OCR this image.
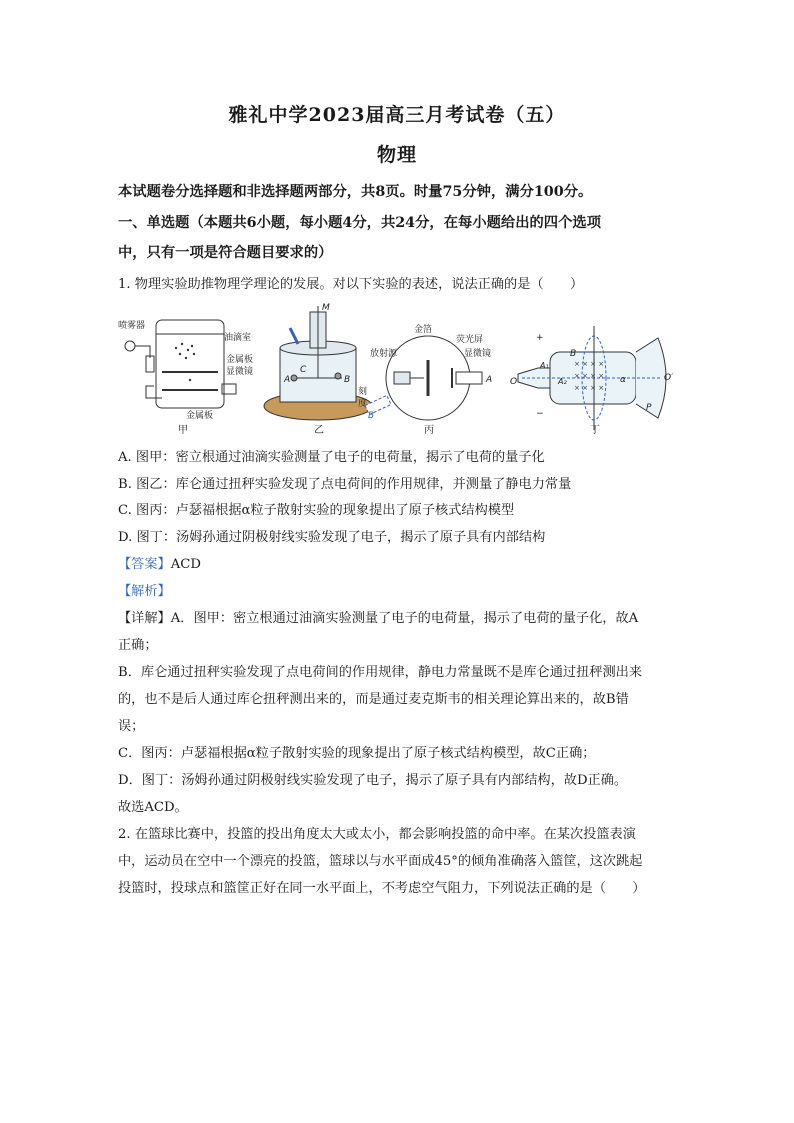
雅礼中学2023届高三月考试卷（五）
物理
本试题卷分选择题和非选择题两部分，共8页。时量75分钟，满分100分。
一、单选题（本题共6小题，每小题4分，共24分，在每小题给出的四个选项
中，只有一项是符合题目要求的）
1. 物理实验助推物理学理论的发展。对以下实验的表述，说法正确的是（　　）
喷雾器
油滴室
金属板
显微镜
金属板
甲
M
A
C
B
刻
度
乙
金箔
荧光屏
放射源	显微镜
A
B
丙
× × × ×
× × × ×
× × × ×
B
A₁
A₂
O	O′
α
P
+
−
丁
A. 图甲：密立根通过油滴实验测量了电子的电荷量，揭示了电荷的量子化
B. 图乙：库仑通过扭秤实验发现了点电荷间的作用规律，并测量了静电力常量
C. 图丙：卢瑟福根据α粒子散射实验的现象提出了原子核式结构模型
D. 图丁：汤姆孙通过阴极射线实验发现了电子，揭示了原子具有内部结构
【答案】ACD
【解析】
【详解】A．图甲：密立根通过油滴实验测量了电子的电荷量，揭示了电荷的量子化，故A
正确；
B．库仑通过扭秤实验发现了点电荷间的作用规律，静电力常量既不是库仑通过扭秤测出来
的，也不是后人通过库仑扭秤测出来的，而是通过麦克斯韦的相关理论算出来的，故B错
误；
C．图丙：卢瑟福根据α粒子散射实验的现象提出了原子核式结构模型，故C正确；
D．图丁：汤姆孙通过阴极射线实验发现了电子，揭示了原子具有内部结构，故D正确。
故选ACD。
2. 在篮球比赛中，投篮的投出角度太大或太小，都会影响投篮的命中率。在某次投篮表演
中，运动员在空中一个漂亮的投篮，篮球以与水平面成45°的倾角准确落入篮筐，这次跳起
投篮时，投球点和篮筐正好在同一水平面上，不考虑空气阻力，下列说法正确的是（　　）
